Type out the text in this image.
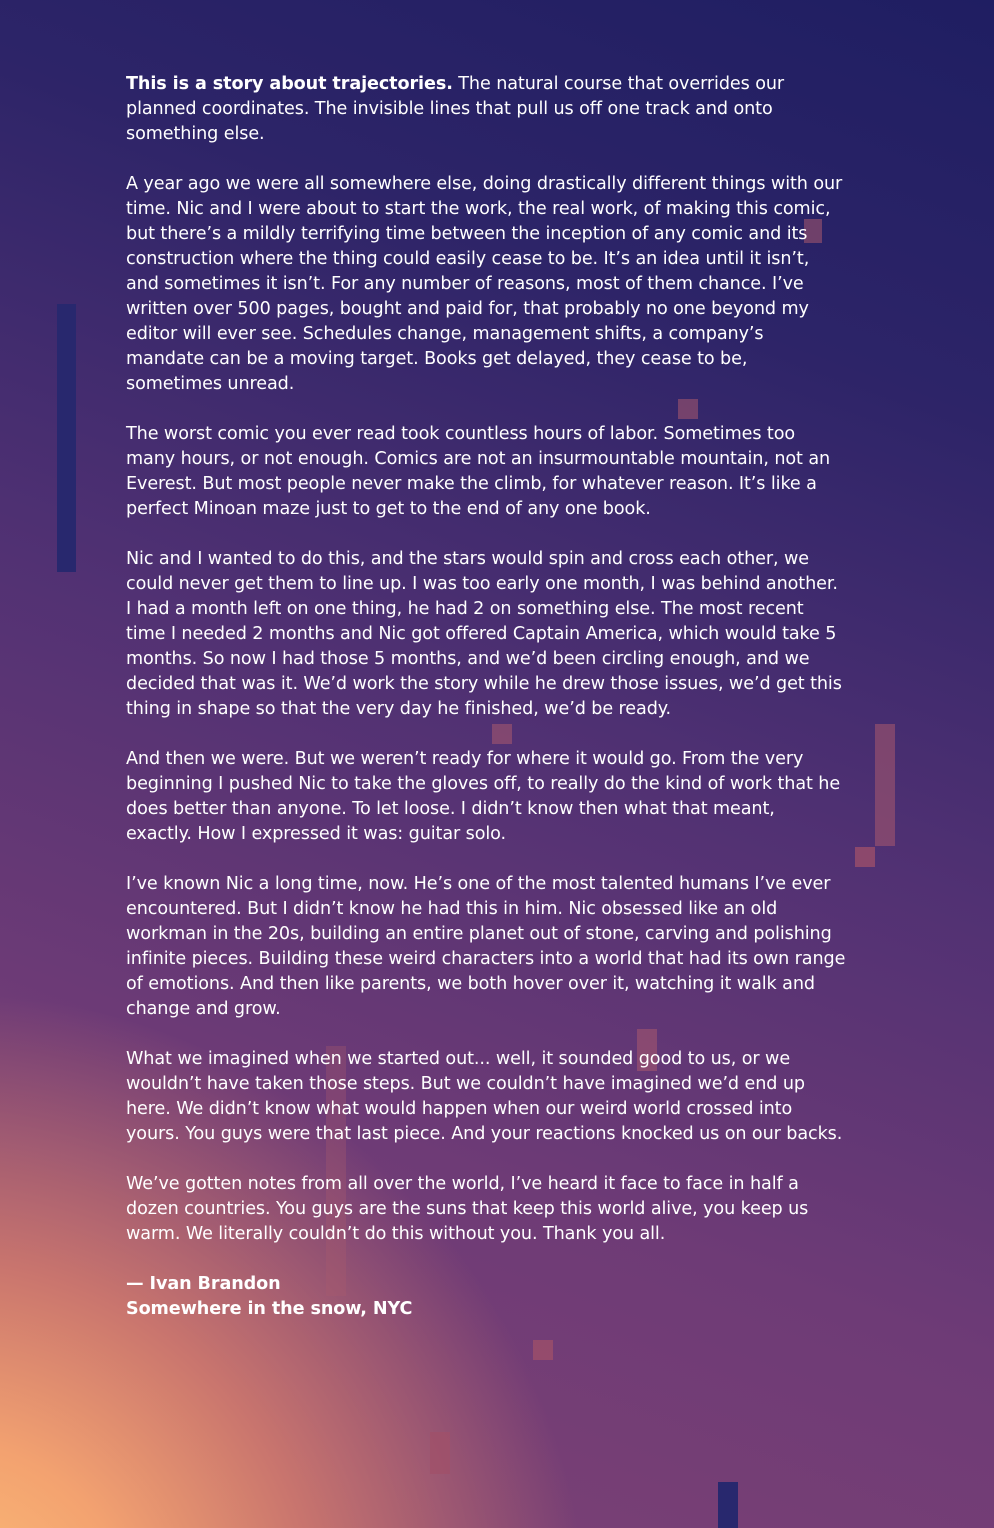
This is a story about trajectories. The natural course that overrides our planned coordinates. The invisible lines that pull us off one track and onto something else.

A year ago we were all somewhere else, doing drastically different things with our time. Nic and I were about to start the work, the real work, of making this comic, but there’s a mildly terrifying time between the inception of any comic and its construction where the thing could easily cease to be. It’s an idea until it isn’t, and sometimes it isn’t. For any number of reasons, most of them chance. I’ve written over 500 pages, bought and paid for, that probably no one beyond my editor will ever see. Schedules change, management shifts, a company’s mandate can be a moving target. Books get delayed, they cease to be, sometimes unread.

The worst comic you ever read took countless hours of labor. Sometimes too many hours, or not enough. Comics are not an insurmountable mountain, not an Everest. But most people never make the climb, for whatever reason. It’s like a perfect Minoan maze just to get to the end of any one book.

Nic and I wanted to do this, and the stars would spin and cross each other, we could never get them to line up. I was too early one month, I was behind another. I had a month left on one thing, he had 2 on something else. The most recent time I needed 2 months and Nic got offered Captain America, which would take 5 months. So now I had those 5 months, and we’d been circling enough, and we decided that was it. We’d work the story while he drew those issues, we’d get this thing in shape so that the very day he finished, we’d be ready.

And then we were. But we weren’t ready for where it would go. From the very beginning I pushed Nic to take the gloves off, to really do the kind of work that he does better than anyone. To let loose. I didn’t know then what that meant, exactly. How I expressed it was: guitar solo.

I’ve known Nic a long time, now. He’s one of the most talented humans I’ve ever encountered. But I didn’t know he had this in him. Nic obsessed like an old workman in the 20s, building an entire planet out of stone, carving and polishing infinite pieces. Building these weird characters into a world that had its own range of emotions. And then like parents, we both hover over it, watching it walk and change and grow.

What we imagined when we started out... well, it sounded good to us, or we wouldn’t have taken those steps. But we couldn’t have imagined we’d end up here. We didn’t know what would happen when our weird world crossed into yours. You guys were that last piece. And your reactions knocked us on our backs.

We’ve gotten notes from all over the world, I’ve heard it face to face in half a dozen countries. You guys are the suns that keep this world alive, you keep us warm. We literally couldn’t do this without you. Thank you all.

— Ivan Brandon
Somewhere in the snow, NYC
